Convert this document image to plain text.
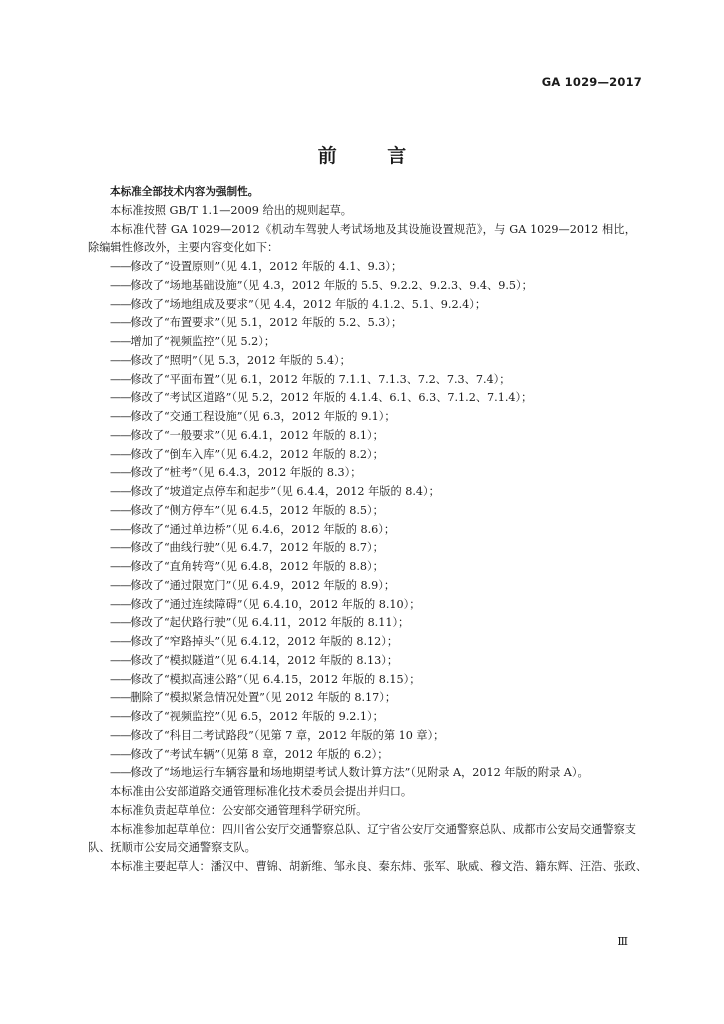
GA 1029—2017
前 言

本标准全部技术内容为强制性。

本标准按照 GB/T 1.1—2009 给出的规则起草。

本标准代替 GA 1029—2012《机动车驾驶人考试场地及其设施设置规范》，与 GA 1029—2012 相比，除编辑性修改外，主要内容变化如下：

—— 修改了“设置原则”（见 4.1，2012 年版的 4.1、9.3）；
—— 修改了“场地基础设施”（见 4.3，2012 年版的 5.5、9.2.2、9.2.3、9.4、9.5）；
—— 修改了“场地组成及要求”（见 4.4，2012 年版的 4.1.2、5.1、9.2.4）；
—— 修改了“布置要求”（见 5.1，2012 年版的 5.2、5.3）；
—— 增加了“视频监控”（见 5.2）；
—— 修改了“照明”（见 5.3，2012 年版的 5.4）；
—— 修改了“平面布置”（见 6.1，2012 年版的 7.1.1、7.1.3、7.2、7.3、7.4）；
—— 修改了“考试区道路”（见 5.2，2012 年版的 4.1.4、6.1、6.3、7.1.2、7.1.4）；
—— 修改了“交通工程设施”（见 6.3，2012 年版的 9.1）；
—— 修改了“一般要求”（见 6.4.1，2012 年版的 8.1）；
—— 修改了“倒车入库”（见 6.4.2，2012 年版的 8.2）；
—— 修改了“桩考”（见 6.4.3，2012 年版的 8.3）；
—— 修改了“坡道定点停车和起步”（见 6.4.4，2012 年版的 8.4）；
—— 修改了“侧方停车”（见 6.4.5，2012 年版的 8.5）；
—— 修改了“通过单边桥”（见 6.4.6，2012 年版的 8.6）；
—— 修改了“曲线行驶”（见 6.4.7，2012 年版的 8.7）；
—— 修改了“直角转弯”（见 6.4.8，2012 年版的 8.8）；
—— 修改了“通过限宽门”（见 6.4.9，2012 年版的 8.9）；
—— 修改了“通过连续障碍”（见 6.4.10，2012 年版的 8.10）；
—— 修改了“起伏路行驶”（见 6.4.11，2012 年版的 8.11）；
—— 修改了“窄路掉头”（见 6.4.12，2012 年版的 8.12）；
—— 修改了“模拟隧道”（见 6.4.14，2012 年版的 8.13）；
—— 修改了“模拟高速公路”（见 6.4.15，2012 年版的 8.15）；
—— 删除了“模拟紧急情况处置”（见 2012 年版的 8.17）；
—— 修改了“视频监控”（见 6.5，2012 年版的 9.2.1）；
—— 修改了“科目二考试路段”（见第 7 章，2012 年版的第 10 章）；
—— 修改了“考试车辆”（见第 8 章，2012 年版的 6.2）；
—— 修改了“场地运行车辆容量和场地期望考试人数计算方法”（见附录 A，2012 年版的附录 A）。

本标准由公安部道路交通管理标准化技术委员会提出并归口。

本标准负责起草单位：公安部交通管理科学研究所。

本标准参加起草单位：四川省公安厅交通警察总队、辽宁省公安厅交通警察总队、成都市公安局交通警察支队、抚顺市公安局交通警察支队。

本标准主要起草人：潘汉中、曹锦、胡新维、邹永良、秦东炜、张军、耿威、穆文浩、籍东辉、汪浩、张政、

Ⅲ
